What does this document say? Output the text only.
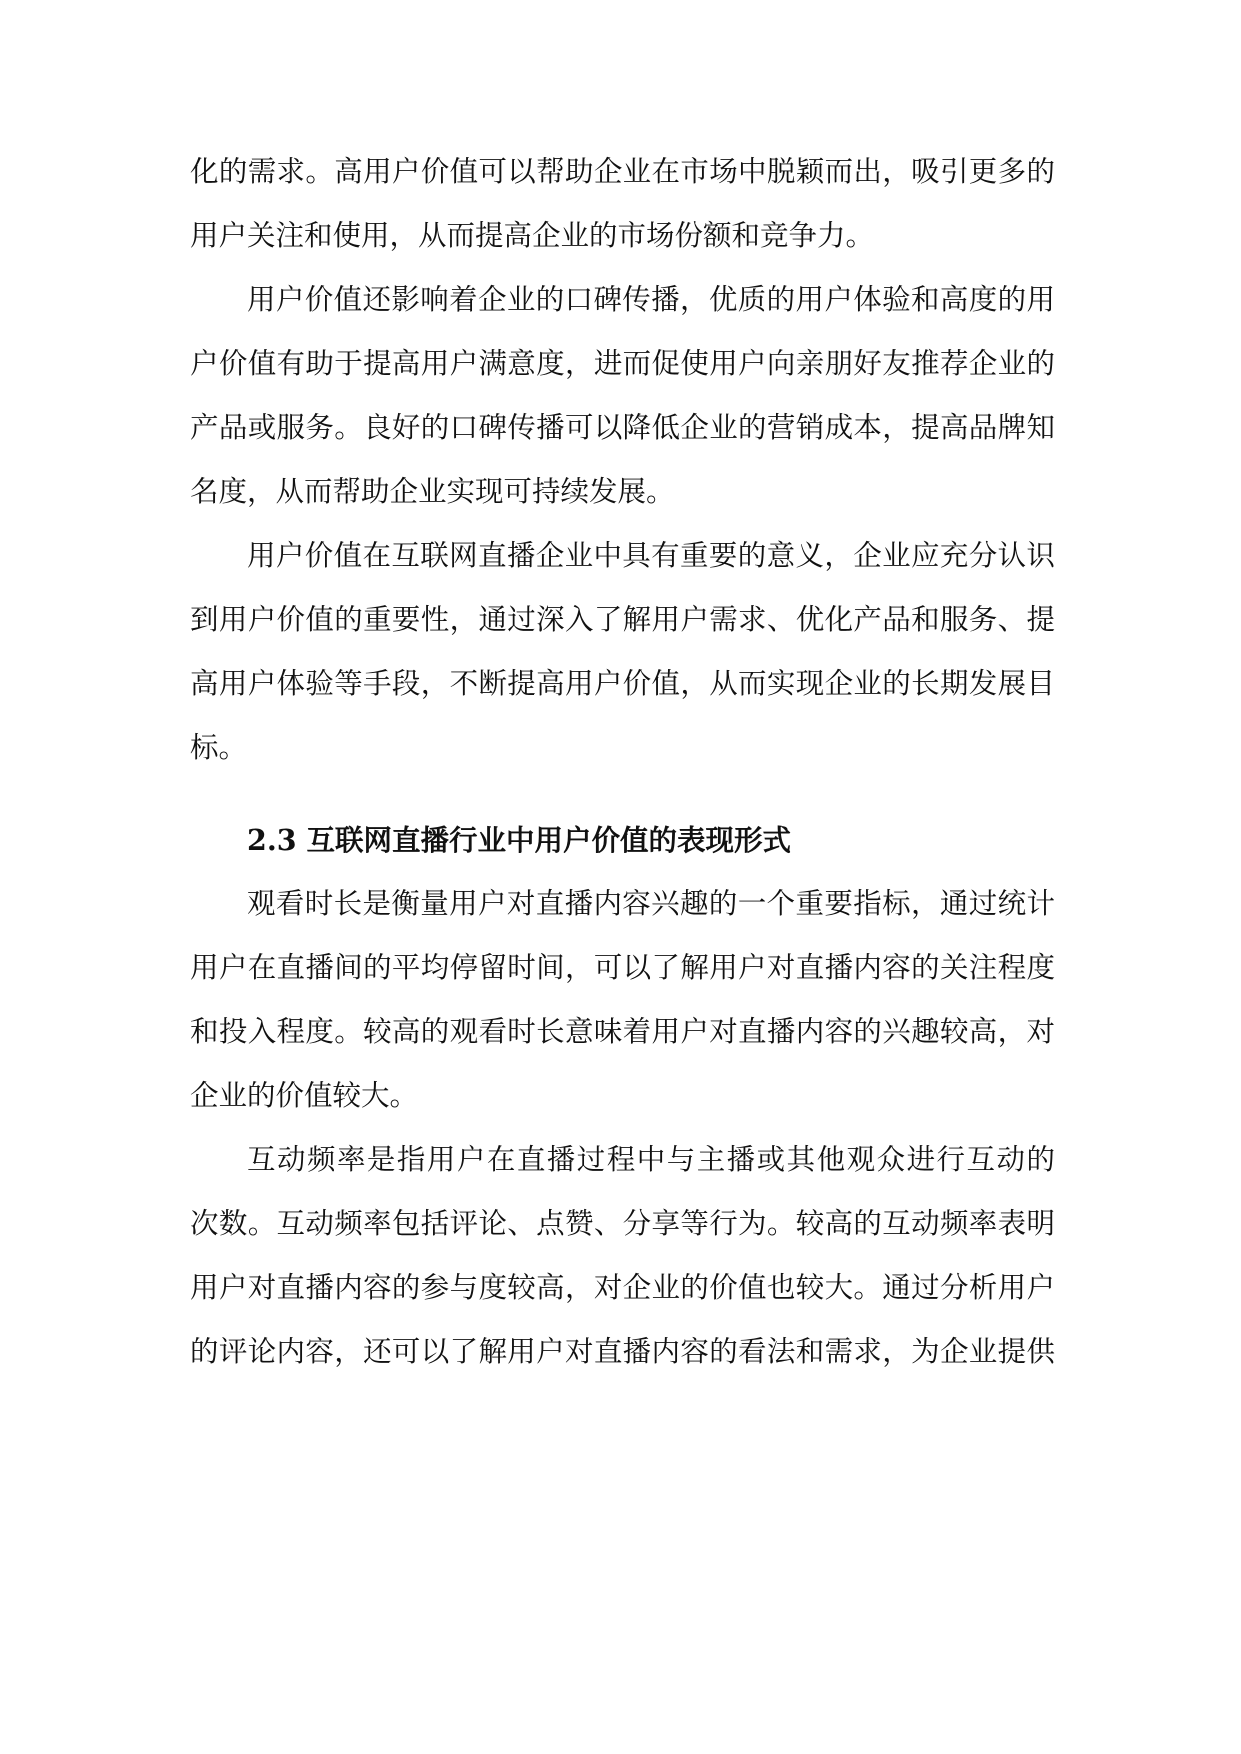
化的需求。高用户价值可以帮助企业在市场中脱颖而出，吸引更多的
用户关注和使用，从而提高企业的市场份额和竞争力。
用户价值还影响着企业的口碑传播，优质的用户体验和高度的用
户价值有助于提高用户满意度，进而促使用户向亲朋好友推荐企业的
产品或服务。良好的口碑传播可以降低企业的营销成本，提高品牌知
名度，从而帮助企业实现可持续发展。
用户价值在互联网直播企业中具有重要的意义，企业应充分认识
到用户价值的重要性，通过深入了解用户需求、优化产品和服务、提
高用户体验等手段，不断提高用户价值，从而实现企业的长期发展目
标。
2.3 互联网直播行业中用户价值的表现形式
观看时长是衡量用户对直播内容兴趣的一个重要指标，通过统计
用户在直播间的平均停留时间，可以了解用户对直播内容的关注程度
和投入程度。较高的观看时长意味着用户对直播内容的兴趣较高，对
企业的价值较大。
互动频率是指用户在直播过程中与主播或其他观众进行互动的
次数。互动频率包括评论、点赞、分享等行为。较高的互动频率表明
用户对直播内容的参与度较高，对企业的价值也较大。通过分析用户
的评论内容，还可以了解用户对直播内容的看法和需求，为企业提供
